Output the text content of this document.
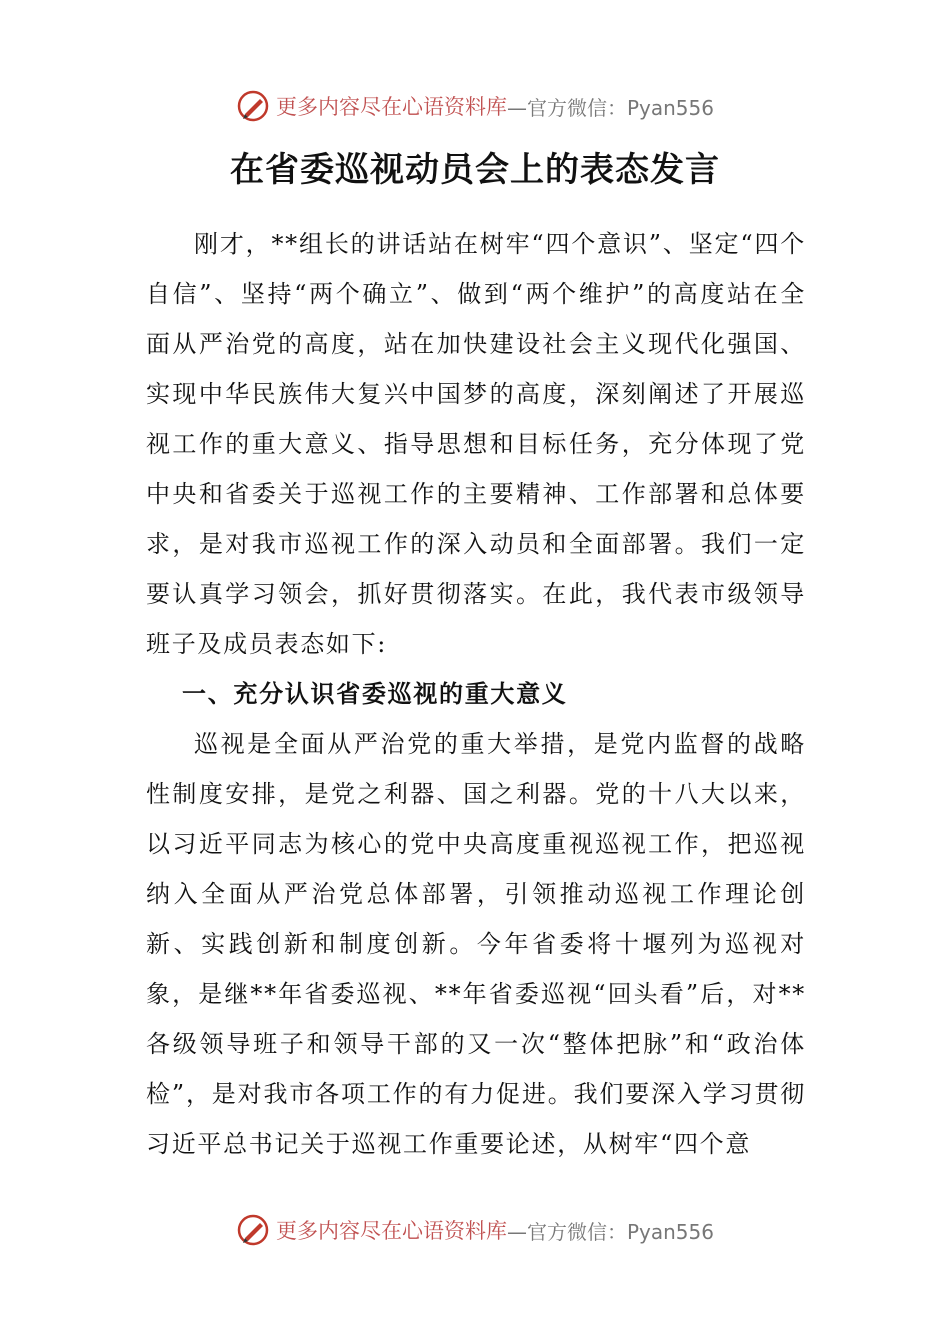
更多内容尽在心语资料库 —官方微信：Pyan556
在省委巡视动员会上的表态发言

刚才，**组长的讲话站在树牢“四个意识”、坚定“四个自信”、坚持“两个确立”、做到“两个维护”的高度站在全面从严治党的高度，站在加快建设社会主义现代化强国、实现中华民族伟大复兴中国梦的高度，深刻阐述了开展巡视工作的重大意义、指导思想和目标任务，充分体现了党中央和省委关于巡视工作的主要精神、工作部署和总体要求，是对我市巡视工作的深入动员和全面部署。我们一定要认真学习领会，抓好贯彻落实。在此，我代表市级领导班子及成员表态如下:

一、充分认识省委巡视的重大意义

巡视是全面从严治党的重大举措，是党内监督的战略性制度安排，是党之利器、国之利器。党的十八大以来，以习近平同志为核心的党中央高度重视巡视工作，把巡视纳入全面从严治党总体部署，引领推动巡视工作理论创新、实践创新和制度创新。今年省委将十堰列为巡视对象，是继**年省委巡视、**年省委巡视“回头看”后，对**各级领导班子和领导干部的又一次“整体把脉”和“政治体检”，是对我市各项工作的有力促进。我们要深入学习贯彻习近平总书记关于巡视工作重要论述，从树牢“四个意

更多内容尽在心语资料库 —官方微信：Pyan556
